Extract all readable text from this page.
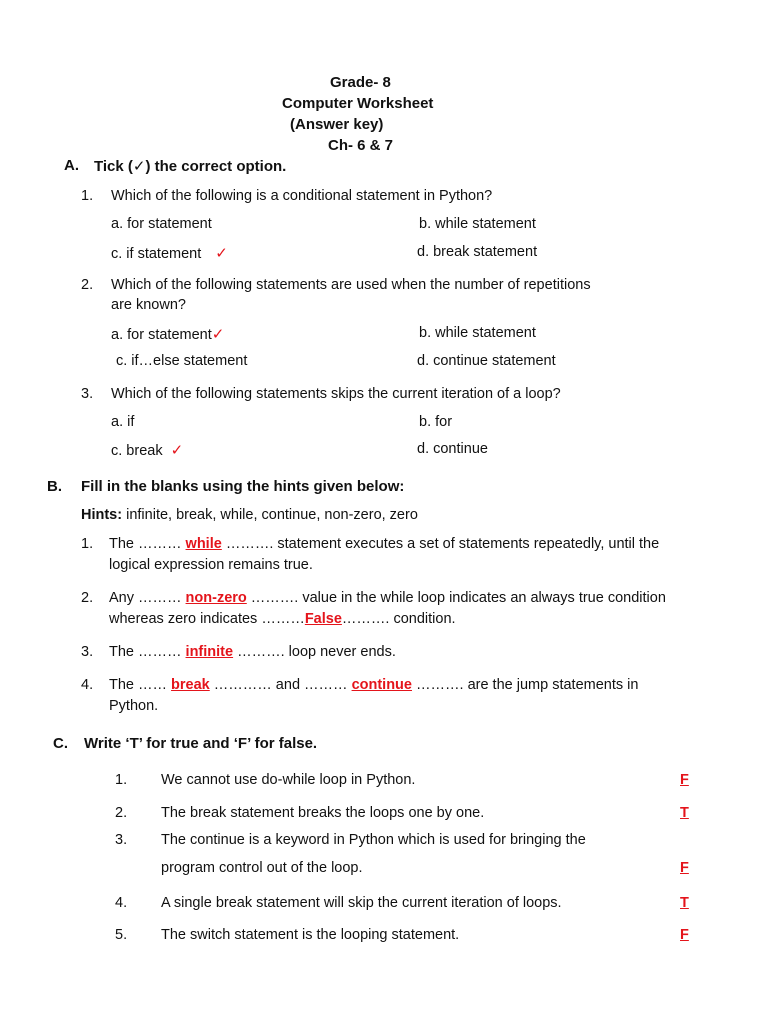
Grade- 8
Computer Worksheet
(Answer key)
Ch- 6 & 7
A. Tick (✓) the correct option.
1. Which of the following is a conditional statement in Python?
a. for statement	b. while statement
c. if statement ✓	d. break statement
2. Which of the following statements are used when the number of repetitions
are known?
a. for statement✓	b. while statement
c. if…else statement	d. continue statement
3. Which of the following statements skips the current iteration of a loop?
a. if	b. for
c. break ✓	d. continue
B. Fill in the blanks using the hints given below:
Hints: infinite, break, while, continue, non-zero, zero
1. The ……… while ………. statement executes a set of statements repeatedly, until the
logical expression remains true.
2. Any ……… non-zero ………. value in the while loop indicates an always true condition
whereas zero indicates ………False………. condition.
3. The ……… infinite ………. loop never ends.
4. The …… break ………… and ……… continue ………. are the jump statements in
Python.
C. Write ‘T’ for true and ‘F’ for false.
1. We cannot use do-while loop in Python.	F
2. The break statement breaks the loops one by one.	T
3. The continue is a keyword in Python which is used for bringing the
program control out of the loop.	F
4. A single break statement will skip the current iteration of loops.	T
5. The switch statement is the looping statement.	F
